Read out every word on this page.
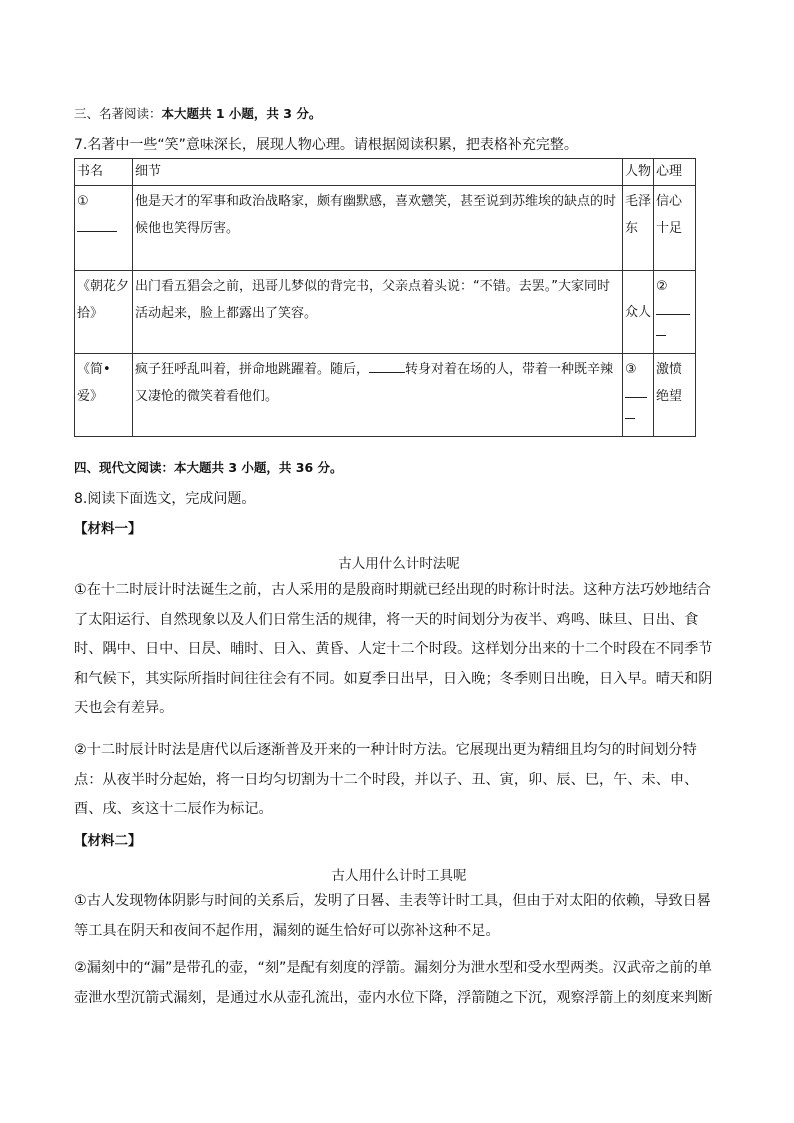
三、名著阅读：本大题共 1 小题，共 3 分。
7.名著中一些“笑”意味深长，展现人物心理。请根据阅读积累，把表格补充完整。
书名	细节	人物	心理

①	他是天才的军事和政治战略家，颇有幽默感，喜欢戆笑，甚至说到苏维埃的缺点的时候他也笑得厉害。	毛泽东	信心十足
《朝花夕拾》	出门看五猖会之前，迅哥儿梦似的背完书，父亲点着头说：“不错。去罢。”大家同时活动起来，脸上都露出了笑容。	众人	②

《简•爱》	疯子狂呼乱叫着，拼命地跳躍着。随后， 转身对着在场的人，带着一种既辛辣又凄怆的微笑着看他们。	③	激愤绝望
四、现代文阅读：本大题共 3 小题，共 36 分。
8.阅读下面选文，完成问题。
【材料一】
古人用什么计时法呢
①在十二时辰计时法诞生之前，古人采用的是殷商时期就已经出现的时称计时法。这种方法巧妙地结合了太阳运行、自然现象以及人们日常生活的规律，将一天的时间划分为夜半、鸡鸣、昧旦、日出、食时、隅中、日中、日昃、晡时、日入、黄昏、人定十二个时段。这样划分出来的十二个时段在不同季节和气候下，其实际所指时间往往会有不同。如夏季日出早，日入晚；冬季则日出晚，日入早。晴天和阴天也会有差异。
②十二时辰计时法是唐代以后逐渐普及开来的一种计时方法。它展现出更为精细且均匀的时间划分特点：从夜半时分起始，将一日均匀切割为十二个时段，并以子、丑、寅，卯、辰、巳，午、未、申、酉、戌、亥这十二辰作为标记。
【材料二】
古人用什么计时工具呢
①古人发现物体阴影与时间的关系后，发明了日晷、圭表等计时工具，但由于对太阳的依赖，导致日晷等工具在阴天和夜间不起作用，漏刻的诞生恰好可以弥补这种不足。
②漏刻中的“漏”是带孔的壶，“刻”是配有刻度的浮箭。漏刻分为泄水型和受水型两类。汉武帝之前的单壶泄水型沉箭式漏刻，是通过水从壶孔流出，壶内水位下降，浮箭随之下沉，观察浮箭上的刻度来判断
